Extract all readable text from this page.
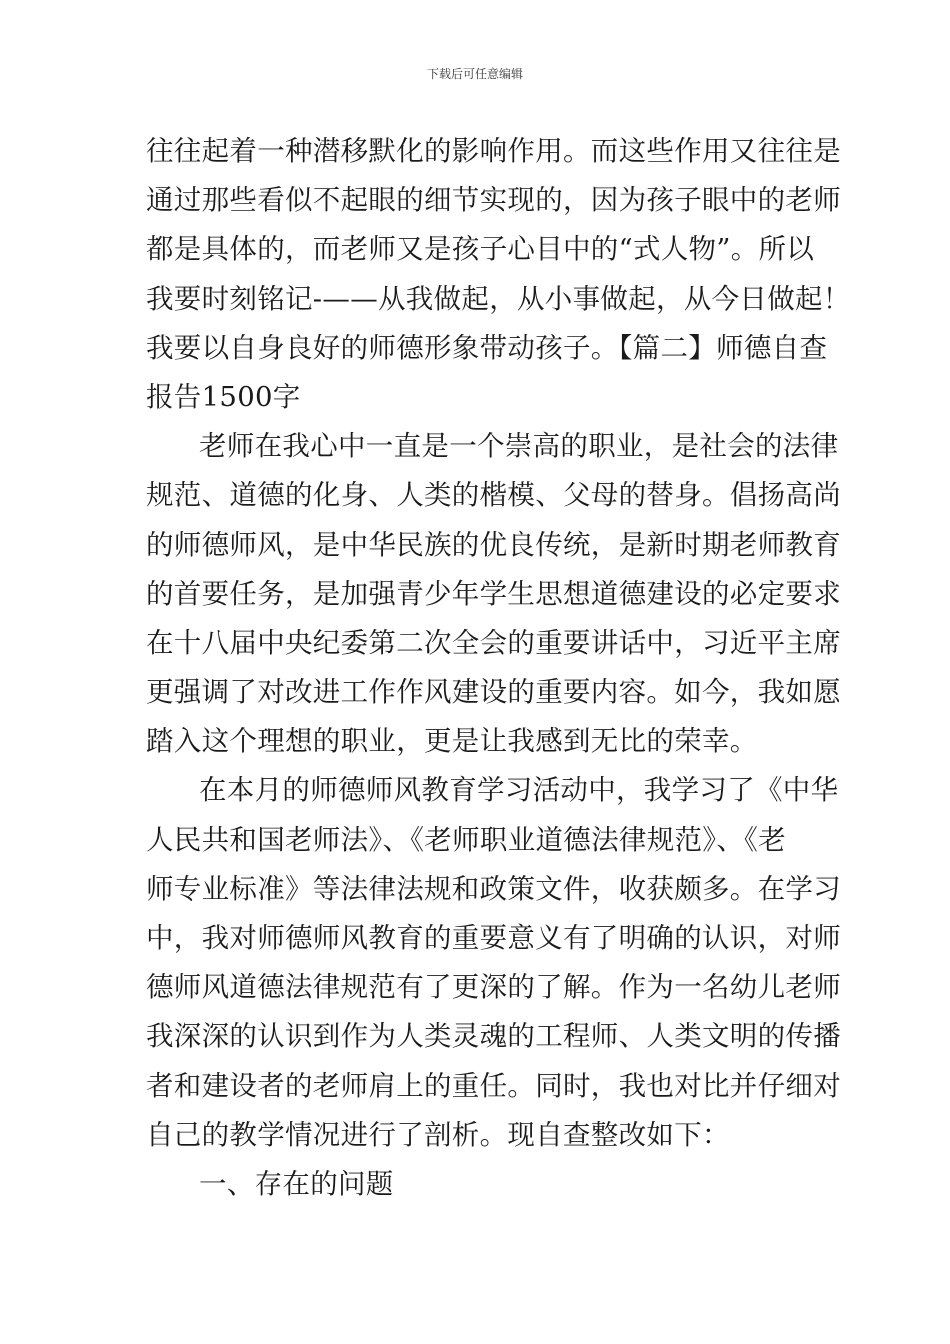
下载后可任意编辑
往往起着一种潜移默化的影响作用。而这些作用又往往是
通过那些看似不起眼的细节实现的，因为孩子眼中的老师
都是具体的，而老师又是孩子心目中的“式人物”。所以
我要时刻铭记-——从我做起，从小事做起，从今日做起！
我要以自身良好的师德形象带动孩子。【篇二】师德自查
报告1500字
老师在我心中一直是一个崇高的职业，是社会的法律
规范、道德的化身、人类的楷模、父母的替身。倡扬高尚
的师德师风，是中华民族的优良传统，是新时期老师教育
的首要任务，是加强青少年学生思想道德建设的必定要求
在十八届中央纪委第二次全会的重要讲话中，习近平主席
更强调了对改进工作作风建设的重要内容。如今，我如愿
踏入这个理想的职业，更是让我感到无比的荣幸。
在本月的师德师风教育学习活动中，我学习了《中华
人民共和国老师法》、《老师职业道德法律规范》、《老
师专业标准》等法律法规和政策文件，收获颇多。在学习
中，我对师德师风教育的重要意义有了明确的认识，对师
德师风道德法律规范有了更深的了解。作为一名幼儿老师
我深深的认识到作为人类灵魂的工程师、人类文明的传播
者和建设者的老师肩上的重任。同时，我也对比并仔细对
自己的教学情况进行了剖析。现自查整改如下：
一、存在的问题
